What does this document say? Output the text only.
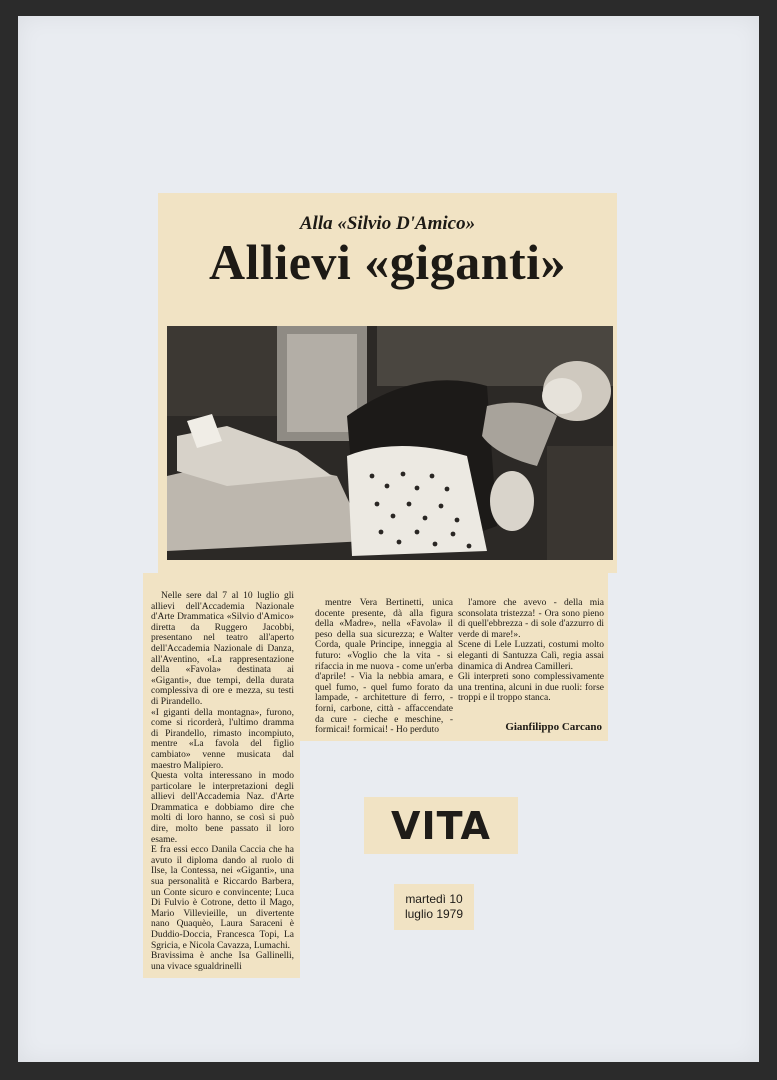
Alla «Silvio D'Amico»
Allievi «giganti»
Nelle sere dal 7 al 10 luglio gli allievi dell'Accademia Nazionale d'Arte Drammatica «Silvio d'Amico» diretta da Ruggero Jacobbi, presentano nel teatro all'aperto dell'Accademia Nazionale di Danza, all'Aventino, «La rappresentazione della «Favola» destinata ai «Giganti», due tempi, della durata complessiva di ore e mezza, su testi di Pirandello.
«I giganti della montagna», furono, come si ricorderà, l'ultimo dramma di Pirandello, rimasto incompiuto, mentre «La favola del figlio cambiato» venne musicata dal maestro Malipiero.
Questa volta interessano in modo particolare le interpretazioni degli allievi dell'Accademia Naz. d'Arte Drammatica e dobbiamo dire che molti di loro hanno, se così si può dire, molto bene passato il loro esame.
E fra essi ecco Danila Caccia che ha avuto il diploma dando al ruolo di Ilse, la Contessa, nei «Giganti», una sua personalità e Riccardo Barbera, un Conte sicuro e convincente; Luca Di Fulvio è Cotrone, detto il Mago, Mario Villevieille, un divertente nano Quaquèo, Laura Saraceni è Duddio-Doccia, Francesca Topi, La Sgricia, e Nicola Cavazza, Lumachi.
Bravissima è anche Isa Gallinelli, una vivace sgualdrinelli
mentre Vera Bertinetti, unica docente presente, dà alla figura della «Madre», nella «Favola» il peso della sua sicurezza; e Walter Corda, quale Principe, inneggia al futuro: «Voglio che la vita - si rifaccia in me nuova - come un'erba d'aprile! - Via la nebbia amara, e quel fumo, - quel fumo forato da lampade, - architetture di ferro, - forni, carbone, città - affaccendate da cure - cieche e meschine, - formicai! formicai! - Ho perduto
l'amore che avevo - della mia sconsolata tristezza! - Ora sono pieno di quell'ebbrezza - di sole d'azzurro di verde di mare!».
Scene di Lele Luzzati, costumi molto eleganti di Santuzza Calì, regia assai dinamica di Andrea Camilleri.
Gli interpreti sono complessivamente una trentina, alcuni in due ruoli: forse troppi e il troppo stanca.
Gianfilippo Carcano
VITA
martedì 10
luglio 1979
